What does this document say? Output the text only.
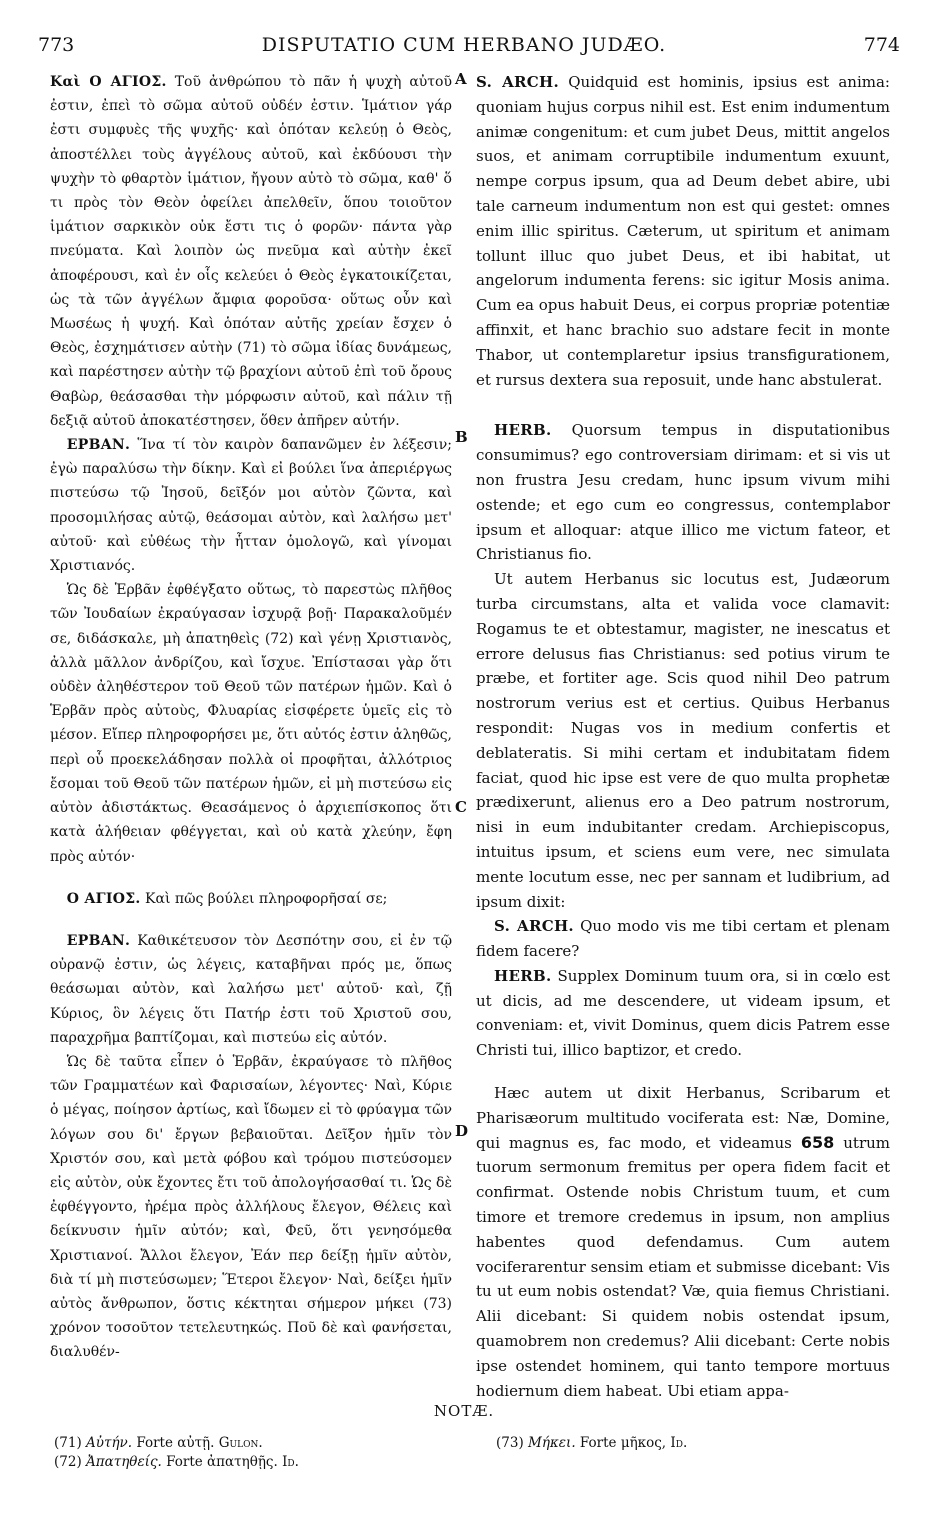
773	DISPUTATIO CUM HERBANO JUDÆO.	774
A
B
C
D

Καὶ Ο ΑΓΙΟΣ. Τοῦ ἀνθρώπου τὸ πᾶν ἡ ψυχὴ αὐτοῦ ἐστιν, ἐπεὶ τὸ σῶμα αὐτοῦ οὐδέν ἐστιν. Ἱμάτιον γάρ ἐστι συμφυὲς τῆς ψυχῆς· καὶ ὁπόταν κελεύῃ ὁ Θεὸς, ἀποστέλλει τοὺς ἀγγέλους αὐτοῦ, καὶ ἐκδύουσι τὴν ψυχὴν τὸ φθαρτὸν ἱμάτιον, ἤγουν αὐτὸ τὸ σῶμα, καθ' ὅ τι πρὸς τὸν Θεὸν ὀφείλει ἀπελθεῖν, ὅπου τοιοῦτον ἱμάτιον σαρκικὸν οὐκ ἔστι τις ὁ φορῶν· πάντα γὰρ πνεύματα. Καὶ λοιπὸν ὡς πνεῦμα καὶ αὐτὴν ἐκεῖ ἀποφέρουσι, καὶ ἐν οἷς κελεύει ὁ Θεὸς ἐγκατοικίζεται, ὡς τὰ τῶν ἀγγέλων ἄμφια φοροῦσα· οὕτως οὖν καὶ Μωσέως ἡ ψυχή. Καὶ ὁπόταν αὐτῆς χρείαν ἔσχεν ὁ Θεὸς, ἐσχημάτισεν αὐτὴν (71) τὸ σῶμα ἰδίας δυνάμεως, καὶ παρέστησεν αὐτὴν τῷ βραχίονι αὐτοῦ ἐπὶ τοῦ ὄρους Θαβὼρ, θεάσασθαι τὴν μόρφωσιν αὐτοῦ, καὶ πάλιν τῇ δεξιᾷ αὐτοῦ ἀποκατέστησεν, ὅθεν ἀπῆρεν αὐτήν.

ΕΡΒΑΝ. Ἵνα τί τὸν καιρὸν δαπανῶμεν ἐν λέξεσιν; ἐγὼ παραλύσω τὴν δίκην. Καὶ εἰ βούλει ἵνα ἀπεριέργως πιστεύσω τῷ Ἰησοῦ, δεῖξόν μοι αὐτὸν ζῶντα, καὶ προσομιλήσας αὐτῷ, θεάσομαι αὐτὸν, καὶ λαλήσω μετ' αὐτοῦ· καὶ εὐθέως τὴν ἧτταν ὁμολογῶ, καὶ γίνομαι Χριστιανός.

Ὡς δὲ Ἑρβᾶν ἐφθέγξατο οὕτως, τὸ παρεστὼς πλῆθος τῶν Ἰουδαίων ἐκραύγασαν ἰσχυρᾷ βοῇ· Παρακαλοῦμέν σε, διδάσκαλε, μὴ ἀπατηθεὶς (72) καὶ γένῃ Χριστιανὸς, ἀλλὰ μᾶλλον ἀνδρίζου, καὶ ἴσχυε. Ἐπίστασαι γὰρ ὅτι οὐδὲν ἀληθέστερον τοῦ Θεοῦ τῶν πατέρων ἡμῶν. Καὶ ὁ Ἑρβᾶν πρὸς αὐτοὺς, Φλυαρίας εἰσφέρετε ὑμεῖς εἰς τὸ μέσον. Εἴπερ πληροφορήσει με, ὅτι αὐτός ἐστιν ἀληθῶς, περὶ οὗ προεκελάδησαν πολλὰ οἱ προφῆται, ἀλλότριος ἔσομαι τοῦ Θεοῦ τῶν πατέρων ἡμῶν, εἰ μὴ πιστεύσω εἰς αὐτὸν ἀδιστάκτως. Θεασάμενος ὁ ἀρχιεπίσκοπος ὅτι κατὰ ἀλήθειαν φθέγγεται, καὶ οὐ κατὰ χλεύην, ἔφη πρὸς αὐτόν·

Ο ΑΓΙΟΣ. Καὶ πῶς βούλει πληροφορῆσαί σε;

ΕΡΒΑΝ. Καθικέτευσον τὸν Δεσπότην σου, εἰ ἐν τῷ οὐρανῷ ἐστιν, ὡς λέγεις, καταβῆναι πρός με, ὅπως θεάσωμαι αὐτὸν, καὶ λαλήσω μετ' αὐτοῦ· καὶ, ζῇ Κύριος, ὃν λέγεις ὅτι Πατήρ ἐστι τοῦ Χριστοῦ σου, παραχρῆμα βαπτίζομαι, καὶ πιστεύω εἰς αὐτόν.

Ὡς δὲ ταῦτα εἶπεν ὁ Ἑρβᾶν, ἐκραύγασε τὸ πλῆθος τῶν Γραμματέων καὶ Φαρισαίων, λέγοντες· Ναὶ, Κύριε ὁ μέγας, ποίησον ἀρτίως, καὶ ἴδωμεν εἰ τὸ φρύαγμα τῶν λόγων σου δι' ἔργων βεβαιοῦται. Δεῖξον ἡμῖν τὸν Χριστόν σου, καὶ μετὰ φόβου καὶ τρόμου πιστεύσομεν εἰς αὐτὸν, οὐκ ἔχοντες ἔτι τοῦ ἀπολογήσασθαί τι. Ὡς δὲ ἐφθέγγοντο, ἠρέμα πρὸς ἀλλήλους ἔλεγον, Θέλεις καὶ δείκνυσιν ἡμῖν αὐτόν; καὶ, Φεῦ, ὅτι γενησόμεθα Χριστιανοί. Ἄλλοι ἔλεγον, Ἐάν περ δείξῃ ἡμῖν αὐτὸν, διὰ τί μὴ πιστεύσωμεν; Ἕτεροι ἔλεγον· Ναὶ, δείξει ἡμῖν αὐτὸς ἄνθρωπον, ὅστις κέκτηται σήμερον μήκει (73) χρόνον τοσοῦτον τετελευτηκώς. Ποῦ δὲ καὶ φανήσεται, διαλυθέν-

S. ARCH. Quidquid est hominis, ipsius est anima: quoniam hujus corpus nihil est. Est enim indumentum animæ congenitum: et cum jubet Deus, mittit angelos suos, et animam corruptibile indumentum exuunt, nempe corpus ipsum, qua ad Deum debet abire, ubi tale carneum indumentum non est qui gestet: omnes enim illic spiritus. Cæterum, ut spiritum et animam tollunt illuc quo jubet Deus, et ibi habitat, ut angelorum indumenta ferens: sic igitur Mosis anima. Cum ea opus habuit Deus, ei corpus propriæ potentiæ affinxit, et hanc brachio suo adstare fecit in monte Thabor, ut contemplaretur ipsius transfigurationem, et rursus dextera sua reposuit, unde hanc abstulerat.

HERB. Quorsum tempus in disputationibus consumimus? ego controversiam dirimam: et si vis ut non frustra Jesu credam, hunc ipsum vivum mihi ostende; et ego cum eo congressus, contemplabor ipsum et alloquar: atque illico me victum fateor, et Christianus fio.

Ut autem Herbanus sic locutus est, Judæorum turba circumstans, alta et valida voce clamavit: Rogamus te et obtestamur, magister, ne inescatus et errore delusus fias Christianus: sed potius virum te præbe, et fortiter age. Scis quod nihil Deo patrum nostrorum verius est et certius. Quibus Herbanus respondit: Nugas vos in medium confertis et deblateratis. Si mihi certam et indubitatam fidem faciat, quod hic ipse est vere de quo multa prophetæ prædixerunt, alienus ero a Deo patrum nostrorum, nisi in eum indubitanter credam. Archiepiscopus, intuitus ipsum, et sciens eum vere, nec simulata mente locutum esse, nec per sannam et ludibrium, ad ipsum dixit:

S. ARCH. Quo modo vis me tibi certam et plenam fidem facere?

HERB. Supplex Dominum tuum ora, si in cœlo est ut dicis, ad me descendere, ut videam ipsum, et conveniam: et, vivit Dominus, quem dicis Patrem esse Christi tui, illico baptizor, et credo.

Hæc autem ut dixit Herbanus, Scribarum et Pharisæorum multitudo vociferata est: Næ, Domine, qui magnus es, fac modo, et videamus 658 utrum tuorum sermonum fremitus per opera fidem facit et confirmat. Ostende nobis Christum tuum, et cum timore et tremore credemus in ipsum, non amplius habentes quod defendamus. Cum autem vociferarentur sensim etiam et submisse dicebant: Vis tu ut eum nobis ostendat? Væ, quia fiemus Christiani. Alii dicebant: Si quidem nobis ostendat ipsum, quamobrem non credemus? Alii dicebant: Certe nobis ipse ostendet hominem, qui tanto tempore mortuus hodiernum diem habeat. Ubi etiam appa-

NOTÆ.
(71) Αὐτήν. Forte αὐτῇ. Gulon.
(72) Ἀπατηθείς. Forte ἀπατηθῇς. Id.
(73) Μήκει. Forte μῆκος, Id.
